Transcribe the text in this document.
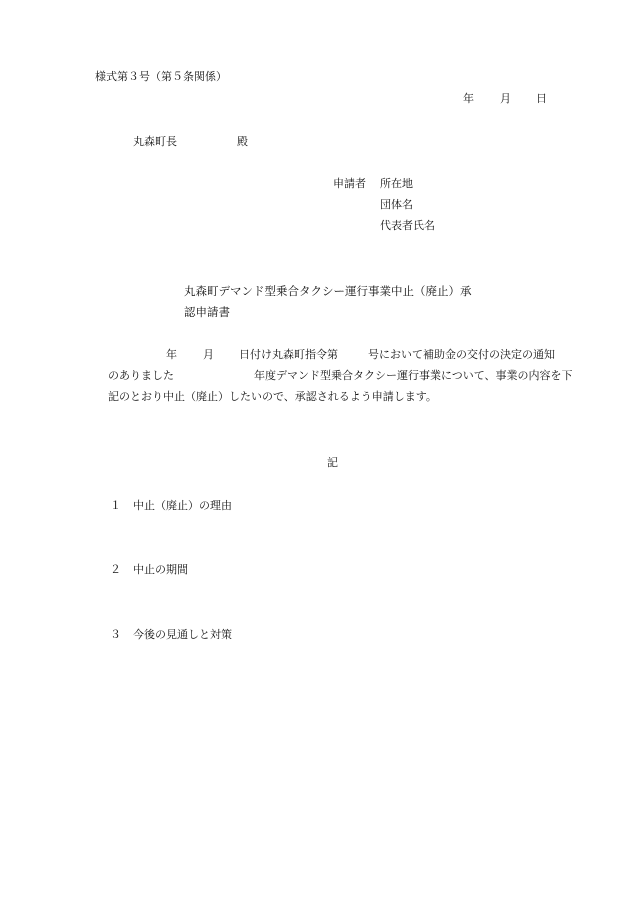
様式第３号（第５条関係）
年 月 日
丸森町長	殿
申請者 所在地
団体名
代表者氏名
丸森町デマンド型乗合タクシー運行事業中止（廃止）承
認申請書
年 月 日付け丸森町指令第	号において補助金の交付の決定の通知
のありました	年度デマンド型乗合タクシー運行事業について、事業の内容を下
記のとおり中止（廃止）したいので、承認されるよう申請します。
記
１ 中止（廃止）の理由
２ 中止の期間
３ 今後の見通しと対策
